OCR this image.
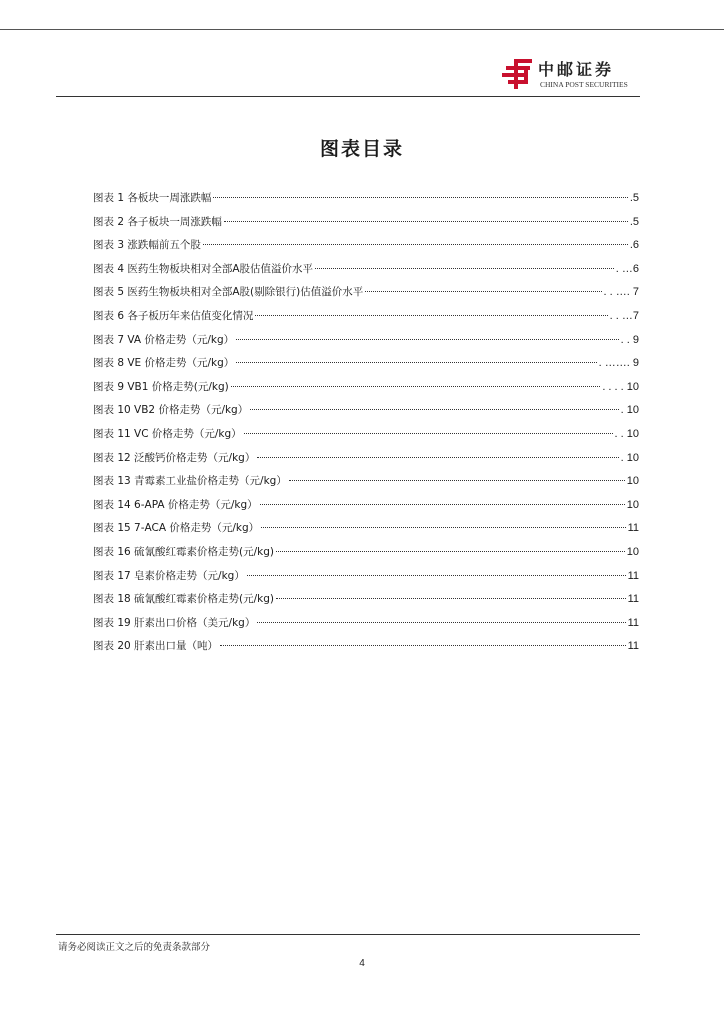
中邮证券
CHINA POST SECURITIES
图表目录
图表 1 各板块一周涨跌幅	.5
图表 2 各子板块一周涨跌幅	.5
图表 3 涨跌幅前五个股	.6
图表 4 医药生物板块相对全部A股估值溢价水平	. …6
图表 5 医药生物板块相对全部A股(剔除银行)估值溢价水平	. . …. 7
图表 6 各子板历年来估值变化情况	. . …7
图表 7 VA 价格走势（元/kg）	. . 9
图表 8 VE 价格走势（元/kg）	. ……. 9
图表 9 VB1 价格走势(元/kg)	. . . . 10
图表 10 VB2 价格走势（元/kg）	. 10
图表 11 VC 价格走势（元/kg）	. . 10
图表 12 泛酸钙价格走势（元/kg）	. 10
图表 13 青霉素工业盐价格走势（元/kg）	10
图表 14 6-APA 价格走势（元/kg）	10
图表 15 7-ACA 价格走势（元/kg）	11
图表 16 硫氰酸红霉素价格走势(元/kg)	10
图表 17 皂素价格走势（元/kg）	11
图表 18 硫氰酸红霉素价格走势(元/kg)	11
图表 19 肝素出口价格（美元/kg）	11
图表 20 肝素出口量（吨）	11
请务必阅读正文之后的免责条款部分
4
